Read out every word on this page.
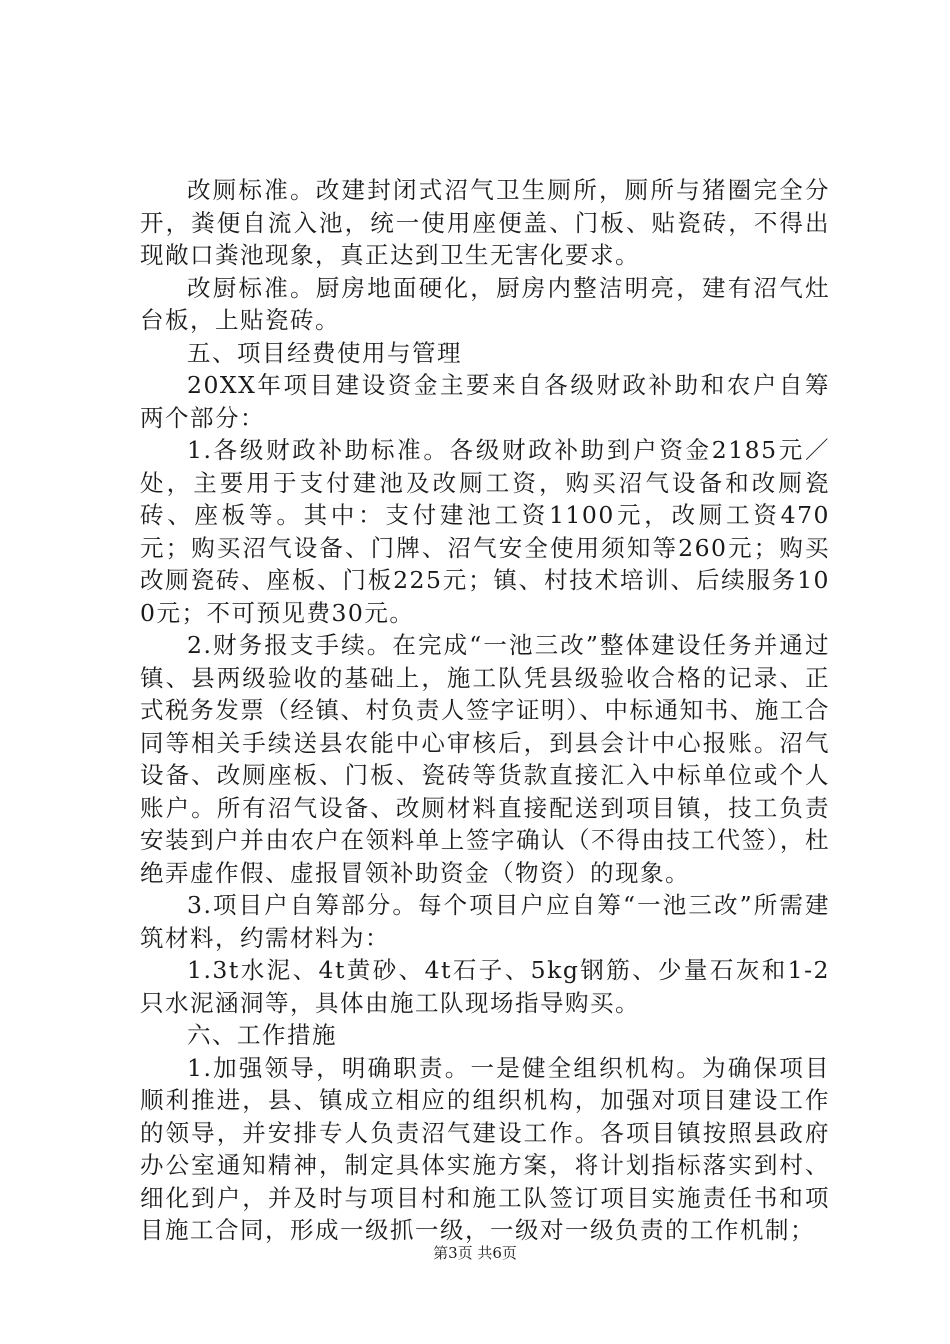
改厕标准。改建封闭式沼气卫生厕所，厕所与猪圈完全分开，粪便自流入池，统一使用座便盖、门板、贴瓷砖，不得出现敞口粪池现象，真正达到卫生无害化要求。

改厨标准。厨房地面硬化，厨房内整洁明亮，建有沼气灶台板，上贴瓷砖。

五、项目经费使用与管理

20XX年项目建设资金主要来自各级财政补助和农户自筹两个部分：

1.各级财政补助标准。各级财政补助到户资金2185元／处，主要用于支付建池及改厕工资，购买沼气设备和改厕瓷砖、座板等。其中：支付建池工资1100元，改厕工资470元；购买沼气设备、门牌、沼气安全使用须知等260元；购买改厕瓷砖、座板、门板225元；镇、村技术培训、后续服务100元；不可预见费30元。

2.财务报支手续。在完成“一池三改”整体建设任务并通过镇、县两级验收的基础上，施工队凭县级验收合格的记录、正式税务发票（经镇、村负责人签字证明）、中标通知书、施工合同等相关手续送县农能中心审核后，到县会计中心报账。沼气设备、改厕座板、门板、瓷砖等货款直接汇入中标单位或个人账户。所有沼气设备、改厕材料直接配送到项目镇，技工负责安装到户并由农户在领料单上签字确认（不得由技工代签），杜绝弄虚作假、虚报冒领补助资金（物资）的现象。

3.项目户自筹部分。每个项目户应自筹“一池三改”所需建筑材料，约需材料为：

1.3t水泥、4t黄砂、4t石子、5kg钢筋、少量石灰和1-2只水泥涵洞等，具体由施工队现场指导购买。

六、工作措施

1.加强领导，明确职责。一是健全组织机构。为确保项目顺利推进，县、镇成立相应的组织机构，加强对项目建设工作的领导，并安排专人负责沼气建设工作。各项目镇按照县政府办公室通知精神，制定具体实施方案，将计划指标落实到村、细化到户，并及时与项目村和施工队签订项目实施责任书和项目施工合同，形成一级抓一级，一级对一级负责的工作机制；

第3页 共6页
